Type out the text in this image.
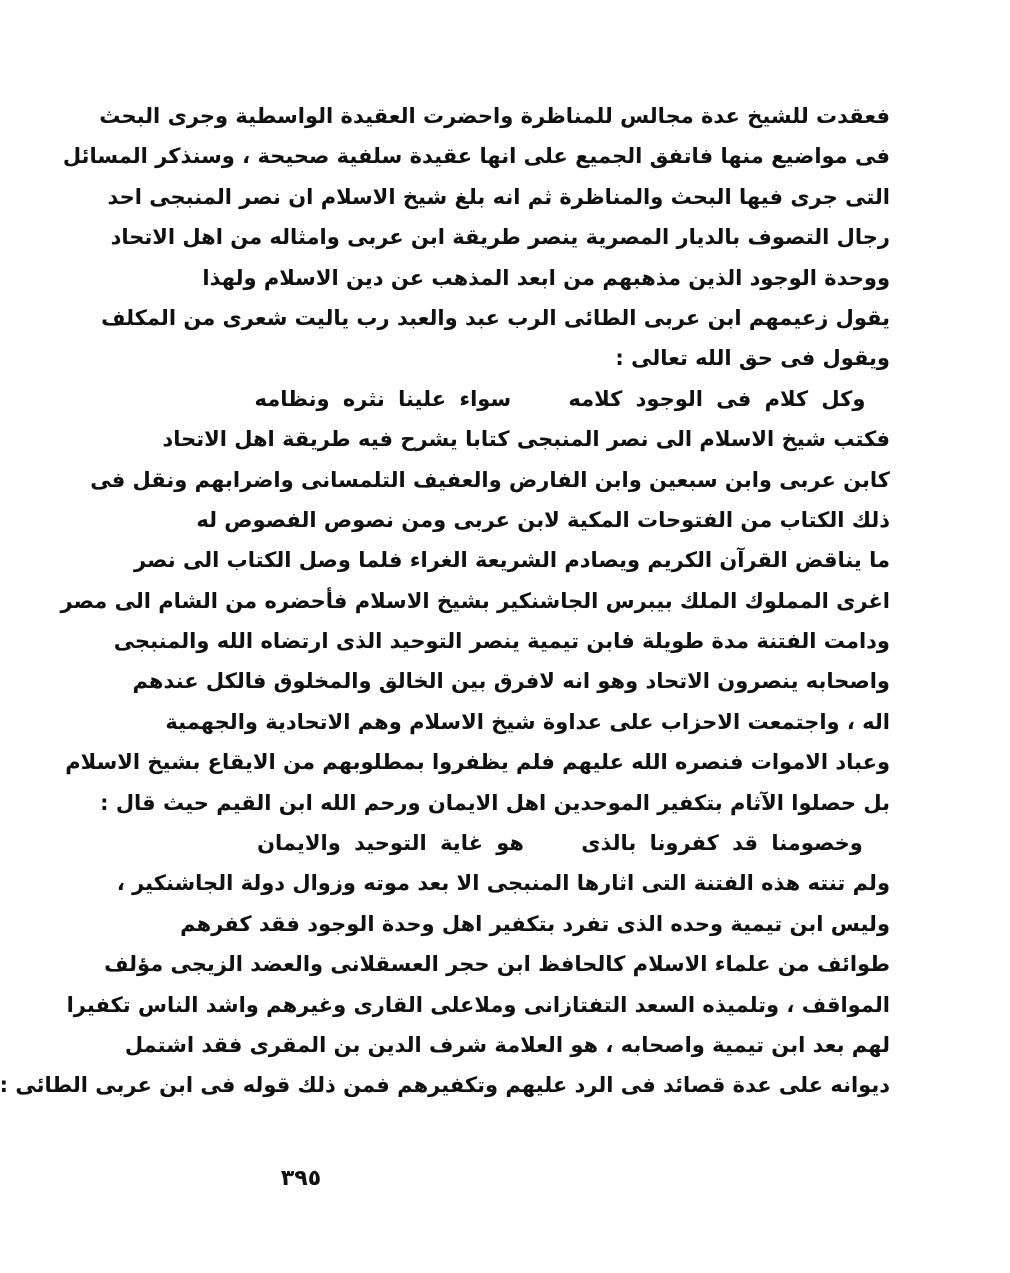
فعقدت للشيخ عدة مجالس للمناظرة واحضرت العقيدة الواسطية وجرى البحث
فى مواضيع منها فاتفق الجميع على انها عقيدة سلفية صحيحة ، وسنذكر المسائل
التى جرى فيها البحث والمناظرة ثم انه بلغ شيخ الاسلام ان نصر المنبجى احد
رجال التصوف بالديار المصرية ينصر طريقة ابن عربى وامثاله من اهل الاتحاد
ووحدة الوجود الذين مذهبهم من ابعد المذهب عن دين الاسلام ولهذا
يقول زعيمهم ابن عربى الطائى الرب عبد والعبد رب ياليت شعرى من المكلف
ويقول فى حق الله تعالى :
وكل كلام فى الوجود كلامه سواء علينا نثره ونظامه
فكتب شيخ الاسلام الى نصر المنبجى كتابا يشرح فيه طريقة اهل الاتحاد
كابن عربى وابن سبعين وابن الفارض والعفيف التلمسانى واضرابهم ونقل فى
ذلك الكتاب من الفتوحات المكية لابن عربى ومن نصوص الفصوص له
ما يناقض القرآن الكريم ويصادم الشريعة الغراء فلما وصل الكتاب الى نصر
اغرى المملوك الملك بيبرس الجاشنكير بشيخ الاسلام فأحضره من الشام الى مصر
ودامت الفتنة مدة طويلة فابن تيمية ينصر التوحيد الذى ارتضاه الله والمنبجى
واصحابه ينصرون الاتحاد وهو انه لافرق بين الخالق والمخلوق فالكل عندهم
اله ، واجتمعت الاحزاب على عداوة شيخ الاسلام وهم الاتحادية والجهمية
وعباد الاموات فنصره الله عليهم فلم يظفروا بمطلوبهم من الايقاع بشيخ الاسلام
بل حصلوا الآثام بتكفير الموحدين اهل الايمان ورحم الله ابن القيم حيث قال :
وخصومنا قد كفرونا بالذى هو غاية التوحيد والايمان
ولم تنته هذه الفتنة التى اثارها المنبجى الا بعد موته وزوال دولة الجاشنكير ،
وليس ابن تيمية وحده الذى تفرد بتكفير اهل وحدة الوجود فقد كفرهم
طوائف من علماء الاسلام كالحافظ ابن حجر العسقلانى والعضد الزيجى مؤلف
المواقف ، وتلميذه السعد التفتازانى وملاعلى القارى وغيرهم واشد الناس تكفيرا
لهم بعد ابن تيمية واصحابه ، هو العلامة شرف الدين بن المقرى فقد اشتمل
ديوانه على عدة قصائد فى الرد عليهم وتكفيرهم فمن ذلك قوله فى ابن عربى الطائى :
٣٩٥
